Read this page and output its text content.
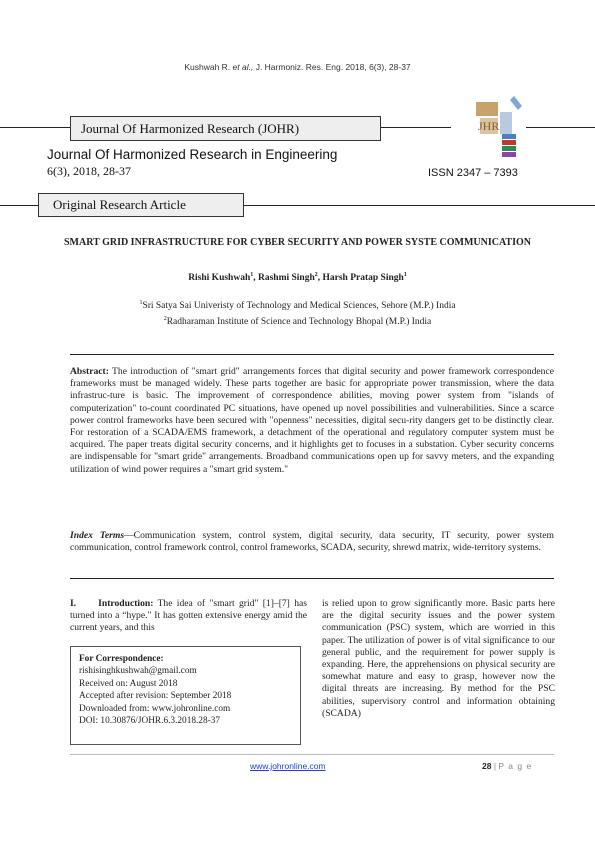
Kushwah R. et al., J. Harmoniz. Res. Eng. 2018, 6(3), 28-37
Journal Of Harmonized Research (JOHR)	JHR
Journal Of Harmonized Research in Engineering
6(3), 2018, 28-37	ISSN 2347 – 7393
Original Research Article
SMART GRID INFRASTRUCTURE FOR CYBER SECURITY AND POWER SYSTE COMMUNICATION
Rishi Kushwah$^1$, Rashmi Singh$^2$, Harsh Pratap Singh$^1$
$^1$Sri Satya Sai Univeristy of Technology and Medical Sciences, Sehore (M.P.) India
$^2$Radharaman Institute of Science and Technology Bhopal (M.P.) India
Abstract: The introduction of "smart grid" arrangements forces that digital security and power framework correspondence frameworks must be managed widely. These parts together are basic for appropriate power transmission, where the data infrastruc-ture is basic. The improvement of correspondence abilities, moving power system from "islands of computerization" to-count coordinated PC situations, have opened up novel possibilities and vulnerabilities. Since a scarce power control frameworks have been secured with "openness" necessities, digital secu-rity dangers get to be distinctly clear. For restoration of a SCADA/EMS framework, a detachment of the operational and regulatory computer system must be acquired. The paper treats digital security concerns, and it highlights get to focuses in a substation. Cyber security concerns are indispensable for "smart gride" arrangements. Broadband communications open up for savvy meters, and the expanding utilization of wind power requires a "smart grid system."
Index Terms—Communication system, control system, digital security, data security, IT security, power system communication, control framework control, control frameworks, SCADA, security, shrewd matrix, wide-territory systems.
I. Introduction: The idea of "smart grid" [1]–[7] has turned into a “hype." It has gotten extensive energy amid the current years, and this
For Correspondence:
rishisinghkushwah@gmail.com
Received on: August 2018
Accepted after revision: September 2018
Downloaded from: www.johronline.com
DOI: 10.30876/JOHR.6.3.2018.28-37
is relied upon to grow significantly more. Basic parts here are the digital security issues and the power system communication (PSC) system, which are worried in this paper. The utilization of power is of vital significance to our general public, and the requirement for power supply is expanding. Here, the apprehensions on physical security are somewhat mature and easy to grasp, however now the digital threats are increasing. By method for the PSC abilities, supervisory control and information obtaining (SCADA)
www.johronline.com	28 | P a g e
